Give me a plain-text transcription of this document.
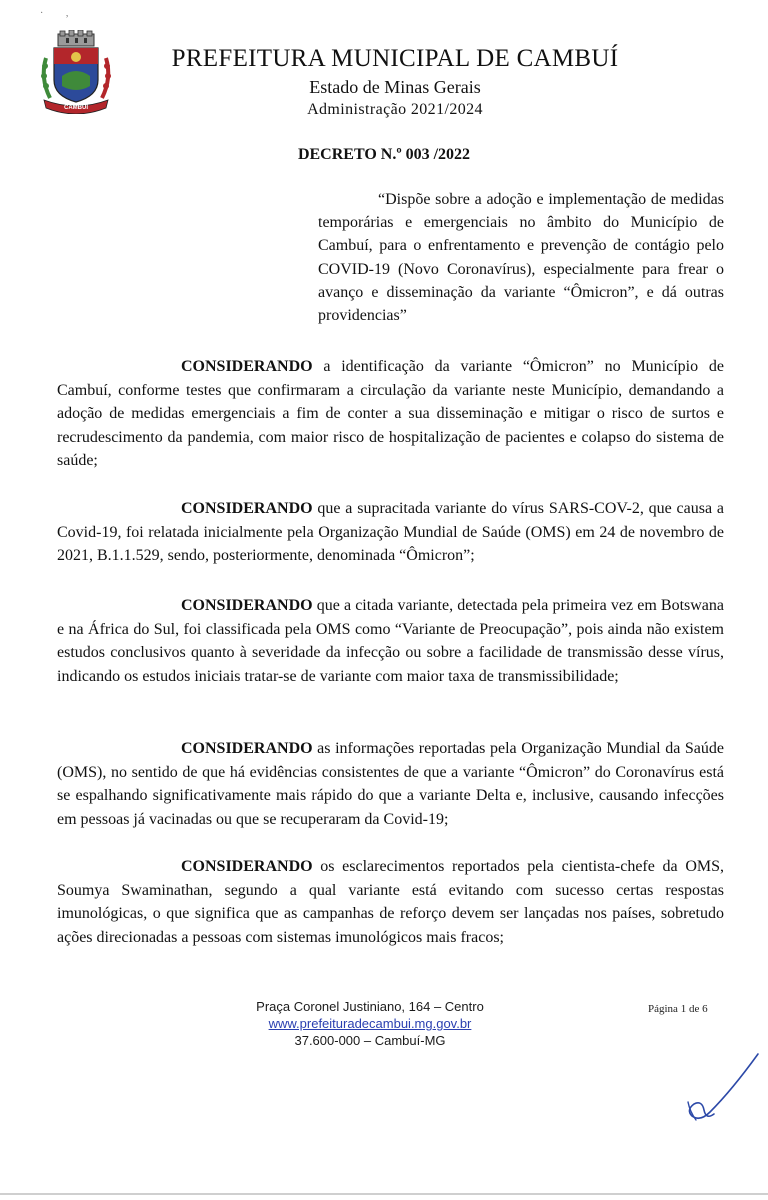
·         ,
CAMBUÍ
PREFEITURA MUNICIPAL DE CAMBUÍ
Estado de Minas Gerais
Administração 2021/2024
DECRETO N.º 003 /2022
“Dispõe sobre a adoção e implementação de medidas temporárias e emergenciais no âmbito do Município de Cambuí, para o enfrentamento e prevenção de contágio pelo COVID-19 (Novo Coronavírus), especialmente para frear o avanço e disseminação da variante “Ômicron”, e dá outras providencias”
CONSIDERANDO a identificação da variante “Ômicron” no Município de Cambuí, conforme testes que confirmaram a circulação da variante neste Município, demandando a adoção de medidas emergenciais a fim de conter a sua disseminação e mitigar o risco de surtos e recrudescimento da pandemia, com maior risco de hospitalização de pacientes e colapso do sistema de saúde;
CONSIDERANDO que a supracitada variante do vírus SARS-COV-2, que causa a Covid-19, foi relatada inicialmente pela Organização Mundial de Saúde (OMS) em 24 de novembro de 2021, B.1.1.529, sendo, posteriormente, denominada “Ômicron”;
CONSIDERANDO que a citada variante, detectada pela primeira vez em Botswana e na África do Sul, foi classificada pela OMS como “Variante de Preocupação”, pois ainda não existem estudos conclusivos quanto à severidade da infecção ou sobre a facilidade de transmissão desse vírus, indicando os estudos iniciais tratar-se de variante com maior taxa de transmissibilidade;
CONSIDERANDO as informações reportadas pela Organização Mundial da Saúde (OMS), no sentido de que há evidências consistentes de que a variante “Ômicron” do Coronavírus está se espalhando significativamente mais rápido do que a variante Delta e, inclusive, causando infecções em pessoas já vacinadas ou que se recuperaram da Covid-19;
CONSIDERANDO os esclarecimentos reportados pela cientista-chefe da OMS, Soumya Swaminathan, segundo a qual variante está evitando com sucesso certas respostas imunológicas, o que significa que as campanhas de reforço devem ser lançadas nos países, sobretudo ações direcionadas a pessoas com sistemas imunológicos mais fracos;
Praça Coronel Justiniano, 164 – Centro
www.prefeituradecambui.mg.gov.br
37.600-000 – Cambuí-MG
Página 1 de 6
